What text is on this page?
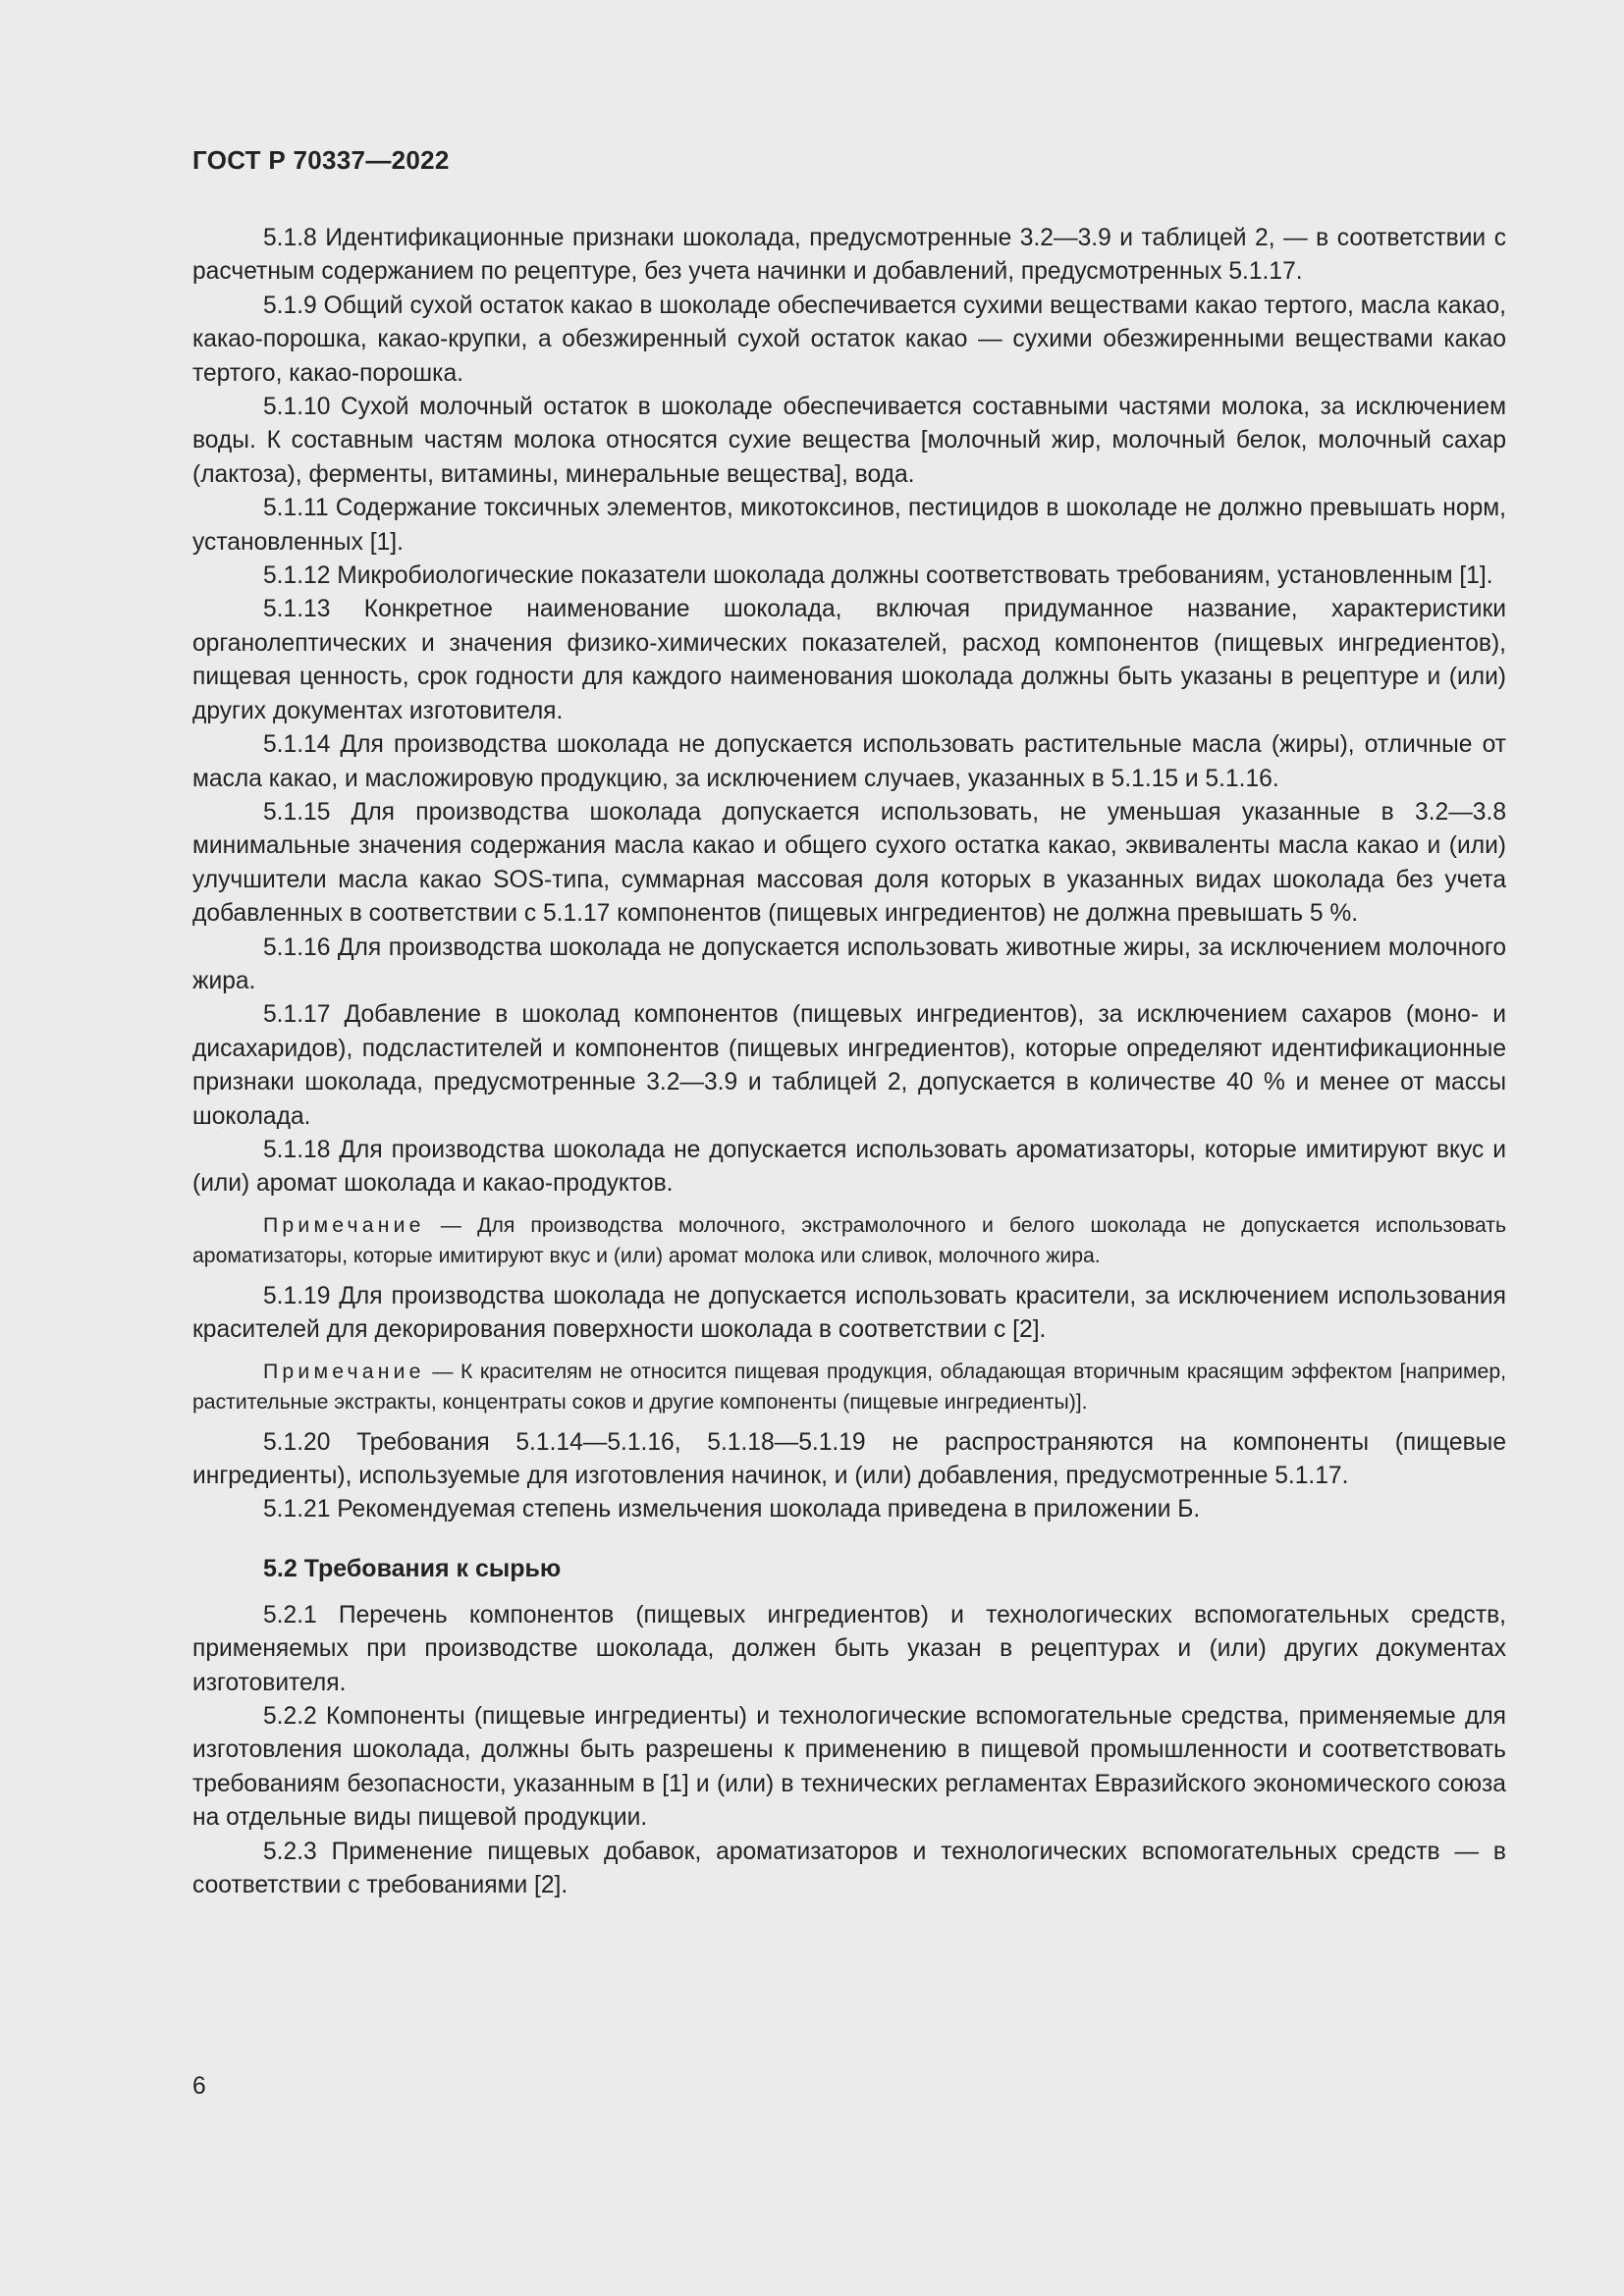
ГОСТ Р 70337—2022

5.1.8 Идентификационные признаки шоколада, предусмотренные 3.2—3.9 и таблицей 2, — в соответствии с расчетным содержанием по рецептуре, без учета начинки и добавлений, предусмотренных 5.1.17.

5.1.9 Общий сухой остаток какао в шоколаде обеспечивается сухими веществами какао тертого, масла какао, какао-порошка, какао-крупки, а обезжиренный сухой остаток какао — сухими обезжиренными веществами какао тертого, какао-порошка.

5.1.10 Сухой молочный остаток в шоколаде обеспечивается составными частями молока, за исключением воды. К составным частям молока относятся сухие вещества [молочный жир, молочный белок, молочный сахар (лактоза), ферменты, витамины, минеральные вещества], вода.

5.1.11 Содержание токсичных элементов, микотоксинов, пестицидов в шоколаде не должно превышать норм, установленных [1].

5.1.12 Микробиологические показатели шоколада должны соответствовать требованиям, установленным [1].

5.1.13 Конкретное наименование шоколада, включая придуманное название, характеристики органолептических и значения физико-химических показателей, расход компонентов (пищевых ингредиентов), пищевая ценность, срок годности для каждого наименования шоколада должны быть указаны в рецептуре и (или) других документах изготовителя.

5.1.14 Для производства шоколада не допускается использовать растительные масла (жиры), отличные от масла какао, и масложировую продукцию, за исключением случаев, указанных в 5.1.15 и 5.1.16.

5.1.15 Для производства шоколада допускается использовать, не уменьшая указанные в 3.2—3.8 минимальные значения содержания масла какао и общего сухого остатка какао, эквиваленты масла какао и (или) улучшители масла какао SOS-типа, суммарная массовая доля которых в указанных видах шоколада без учета добавленных в соответствии с 5.1.17 компонентов (пищевых ингредиентов) не должна превышать 5 %.

5.1.16 Для производства шоколада не допускается использовать животные жиры, за исключением молочного жира.

5.1.17 Добавление в шоколад компонентов (пищевых ингредиентов), за исключением сахаров (моно- и дисахаридов), подсластителей и компонентов (пищевых ингредиентов), которые определяют идентификационные признаки шоколада, предусмотренные 3.2—3.9 и таблицей 2, допускается в количестве 40 % и менее от массы шоколада.

5.1.18 Для производства шоколада не допускается использовать ароматизаторы, которые имитируют вкус и (или) аромат шоколада и какао-продуктов.

Примечание — Для производства молочного, экстрамолочного и белого шоколада не допускается использовать ароматизаторы, которые имитируют вкус и (или) аромат молока или сливок, молочного жира.

5.1.19 Для производства шоколада не допускается использовать красители, за исключением использования красителей для декорирования поверхности шоколада в соответствии с [2].

Примечание — К красителям не относится пищевая продукция, обладающая вторичным красящим эффектом [например, растительные экстракты, концентраты соков и другие компоненты (пищевые ингредиенты)].

5.1.20 Требования 5.1.14—5.1.16, 5.1.18—5.1.19 не распространяются на компоненты (пищевые ингредиенты), используемые для изготовления начинок, и (или) добавления, предусмотренные 5.1.17.

5.1.21 Рекомендуемая степень измельчения шоколада приведена в приложении Б.

5.2 Требования к сырью

5.2.1 Перечень компонентов (пищевых ингредиентов) и технологических вспомогательных средств, применяемых при производстве шоколада, должен быть указан в рецептурах и (или) других документах изготовителя.

5.2.2 Компоненты (пищевые ингредиенты) и технологические вспомогательные средства, применяемые для изготовления шоколада, должны быть разрешены к применению в пищевой промышленности и соответствовать требованиям безопасности, указанным в [1] и (или) в технических регламентах Евразийского экономического союза на отдельные виды пищевой продукции.

5.2.3 Применение пищевых добавок, ароматизаторов и технологических вспомогательных средств — в соответствии с требованиями [2].

6
